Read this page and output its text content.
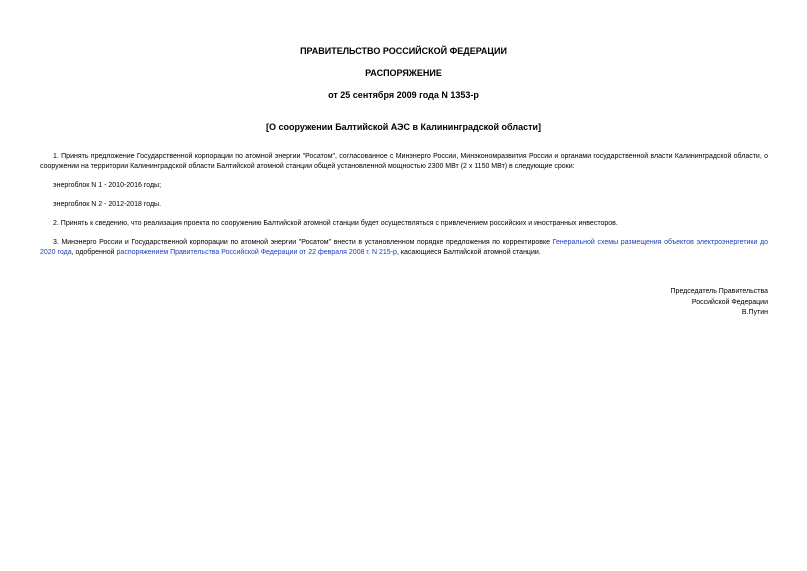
ПРАВИТЕЛЬСТВО РОССИЙСКОЙ ФЕДЕРАЦИИ
РАСПОРЯЖЕНИЕ
от 25 сентября 2009 года N 1353-р
[О сооружении Балтийской АЭС в Калининградской области]

1. Принять предложение Государственной корпорации по атомной энергии "Росатом", согласованное с Минэнерго России, Минэкономразвития России и органами государственной власти Калининградской области, о сооружении на территории Калининградской области Балтийской атомной станции общей установленной мощностью 2300 МВт (2 х 1150 МВт) в следующие сроки:

энергоблок N 1 - 2010-2016 годы;

энергоблок N 2 - 2012-2018 годы.

2. Принять к сведению, что реализация проекта по сооружению Балтийской атомной станции будет осуществляться с привлечением российских и иностранных инвесторов.

3. Минэнерго России и Государственной корпорации по атомной энергии "Росатом" внести в установленном порядке предложения по корректировке Генеральной схемы размещения объектов электроэнергетики до 2020 года, одобренной распоряжением Правительства Российской Федерации от 22 февраля 2008 г. N 215-р, касающиеся Балтийской атомной станции.

Председатель Правительства
Российской Федерации
В.Путин
